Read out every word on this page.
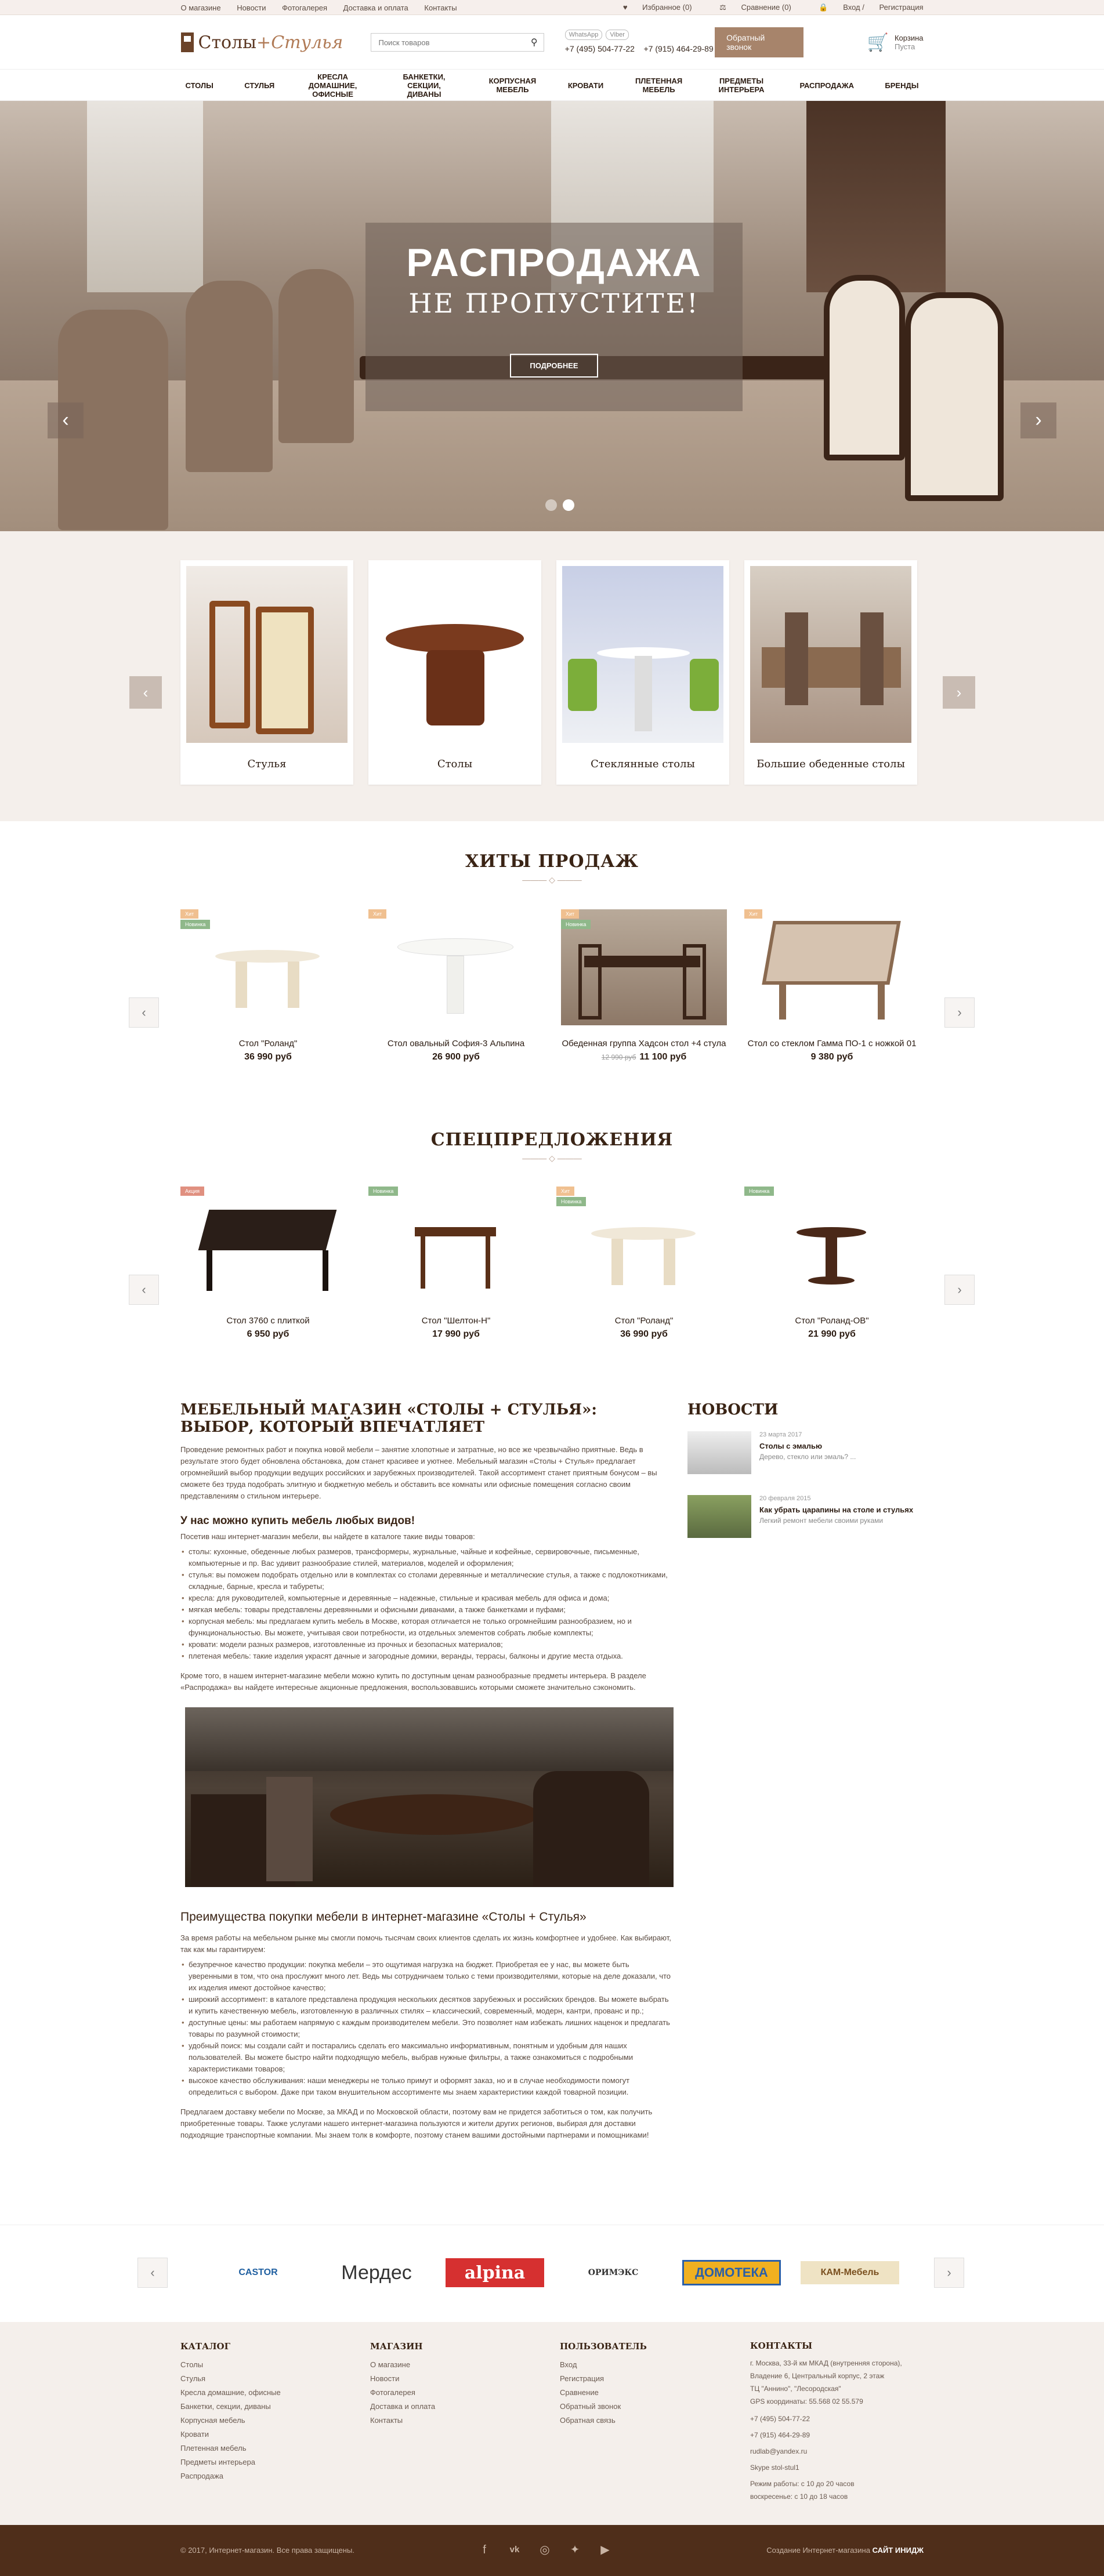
О магазине Новости Фотогалерея Доставка и оплата Контакты	♥ Избранное (0)	⚖ Сравнение (0)	🔒 Вход / Регистрация
Столы + Стулья
Поиск товаров	⚲
WhatsApp Viber
+7 (495) 504-77-22 +7 (915) 464-29-89
Обратный звонок	🛒 Корзина
Пуста
СТОЛЫ	СТУЛЬЯ
КРЕСЛА ДОМАШНИЕ, ОФИСНЫЕ
БАНКЕТКИ, СЕКЦИИ, ДИВАНЫ
КОРПУСНАЯ МЕБЕЛЬ	КРОВАТИ	ПЛЕТЕННАЯ МЕБЕЛЬ
ПРЕДМЕТЫ ИНТЕРЬЕРА	РАСПРОДАЖА	БРЕНДЫ
РАСПРОДАЖА
НЕ ПРОПУСТИТЕ!
ПОДРОБНЕЕ
‹	›
‹
Стулья	Столы	Стеклянные столы	Большие обеденные столы
›
ХИТЫ ПРОДАЖ
——— ◇ ———
‹
Хит
Новинка
Стол "Роланд"
36 990 руб
Хит
Стол овальный София-3 Альпина
26 900 руб
Хит
Новинка
Обеденная группа Хадсон стол +4 стула
12 990 руб 11 100 руб
Хит
Стол со стеклом Гамма ПО-1 с ножкой 01
9 380 руб
›
СПЕЦПРЕДЛОЖЕНИЯ
——— ◇ ———
‹
Акция
Стол 3760 с плиткой
6 950 руб
Новинка
Стол "Шелтон-Н"
17 990 руб
Хит
Новинка
Стол "Роланд"
36 990 руб
Новинка
Стол "Роланд-ОВ"
21 990 руб
›
МЕБЕЛЬНЫЙ МАГАЗИН «СТОЛЫ + СТУЛЬЯ»: ВЫБОР, КОТОРЫЙ ВПЕЧАТЛЯЕТ

Проведение ремонтных работ и покупка новой мебели – занятие хлопотные и затратные, но все же чрезвычайно приятные. Ведь в результате этого будет обновлена обстановка, дом станет красивее и уютнее. Мебельный магазин «Столы + Стулья» предлагает огромнейший выбор продукции ведущих российских и зарубежных производителей. Такой ассортимент станет приятным бонусом – вы сможете без труда подобрать элитную и бюджетную мебель и обставить все комнаты или офисные помещения согласно своим представлениям о стильном интерьере.

У нас можно купить мебель любых видов!

Посетив наш интернет-магазин мебели, вы найдете в каталоге такие виды товаров:

• столы: кухонные, обеденные любых размеров, трансформеры, журнальные, чайные и кофейные, сервировочные, письменные, компьютерные и пр. Вас удивит разнообразие стилей, материалов, моделей и оформления;
• стулья: вы поможем подобрать отдельно или в комплектах со столами деревянные и металлические стулья, а также с подлокотниками, складные, барные, кресла и табуреты;
• кресла: для руководителей, компьютерные и деревянные – надежные, стильные и красивая мебель для офиса и дома;
• мягкая мебель: товары представлены деревянными и офисными диванами, а также банкетками и пуфами;
• корпусная мебель: мы предлагаем купить мебель в Москве, которая отличается не только огромнейшим разнообразием, но и функциональностью. Вы можете, учитывая свои потребности, из отдельных элементов собрать любые комплекты;
• кровати: модели разных размеров, изготовленные из прочных и безопасных материалов;
• плетеная мебель: такие изделия украсят дачные и загородные домики, веранды, террасы, балконы и другие места отдыха.

Кроме того, в нашем интернет-магазине мебели можно купить по доступным ценам разнообразные предметы интерьера. В разделе «Распродажа» вы найдете интересные акционные предложения, воспользовавшись которыми сможете значительно сэкономить.

Преимущества покупки мебели в интернет-магазине «Столы + Стулья»

За время работы на мебельном рынке мы смогли помочь тысячам своих клиентов сделать их жизнь комфортнее и удобнее. Как выбирают, так как мы гарантируем:

• безупречное качество продукции: покупка мебели – это ощутимая нагрузка на бюджет. Приобретая ее у нас, вы можете быть уверенными в том, что она прослужит много лет. Ведь мы сотрудничаем только с теми производителями, которые на деле доказали, что их изделия имеют достойное качество;
• широкий ассортимент: в каталоге представлена продукция нескольких десятков зарубежных и российских брендов. Вы можете выбрать и купить качественную мебель, изготовленную в различных стилях – классический, современный, модерн, кантри, прованс и пр.;
• доступные цены: мы работаем напрямую с каждым производителем мебели. Это позволяет нам избежать лишних наценок и предлагать товары по разумной стоимости;
• удобный поиск: мы создали сайт и постарались сделать его максимально информативным, понятным и удобным для наших пользователей. Вы можете быстро найти подходящую мебель, выбрав нужные фильтры, а также ознакомиться с подробными характеристиками товаров;
• высокое качество обслуживания: наши менеджеры не только примут и оформят заказ, но и в случае необходимости помогут определиться с выбором. Даже при таком внушительном ассортименте мы знаем характеристики каждой товарной позиции.

Предлагаем доставку мебели по Москве, за МКАД и по Московской области, поэтому вам не придется заботиться о том, как получить приобретенные товары. Также услугами нашего интернет-магазина пользуются и жители других регионов, выбирая для доставки подходящие транспортные компании. Мы знаем толк в комфорте, поэтому станем вашими достойными партнерами и помощниками!

НОВОСТИ
23 марта 2017
Столы с эмалью
Дерево, стекло или эмаль? ...
20 февраля 2015
Как убрать царапины на столе и стульях
Легкий ремонт мебели своими руками
‹	CASTOR	Мердес	alpina	ОРИМЭКС	ДОМОТЕКА	КАМ-Мебель	›
КАТАЛОГ
Столы
Стулья
Кресла домашние, офисные
Банкетки, секции, диваны
Корпусная мебель
Кровати
Плетенная мебель
Предметы интерьера
Распродажа
МАГАЗИН
О магазине
Новости
Фотогалерея
Доставка и оплата
Контакты
ПОЛЬЗОВАТЕЛЬ
Вход
Регистрация
Сравнение
Обратный звонок
Обратная связь
КОНТАКТЫ
г. Москва, 33-й км МКАД (внутренняя сторона),
Владение 6, Центральный корпус, 2 этаж
ТЦ "Аннино", "Лесородская"
GPS координаты: 55.568 02 55.579
+7 (495) 504-77-22
+7 (915) 464-29-89
rudlab@yandex.ru
Skype stol-stul1
Режим работы: с 10 до 20 часов
воскресенье: с 10 до 18 часов
© 2017, Интернет-магазин. Все права защищены.	f	vk	◎	✦	▶	Создание Интернет-магазина САЙТ ИНИДЖ
